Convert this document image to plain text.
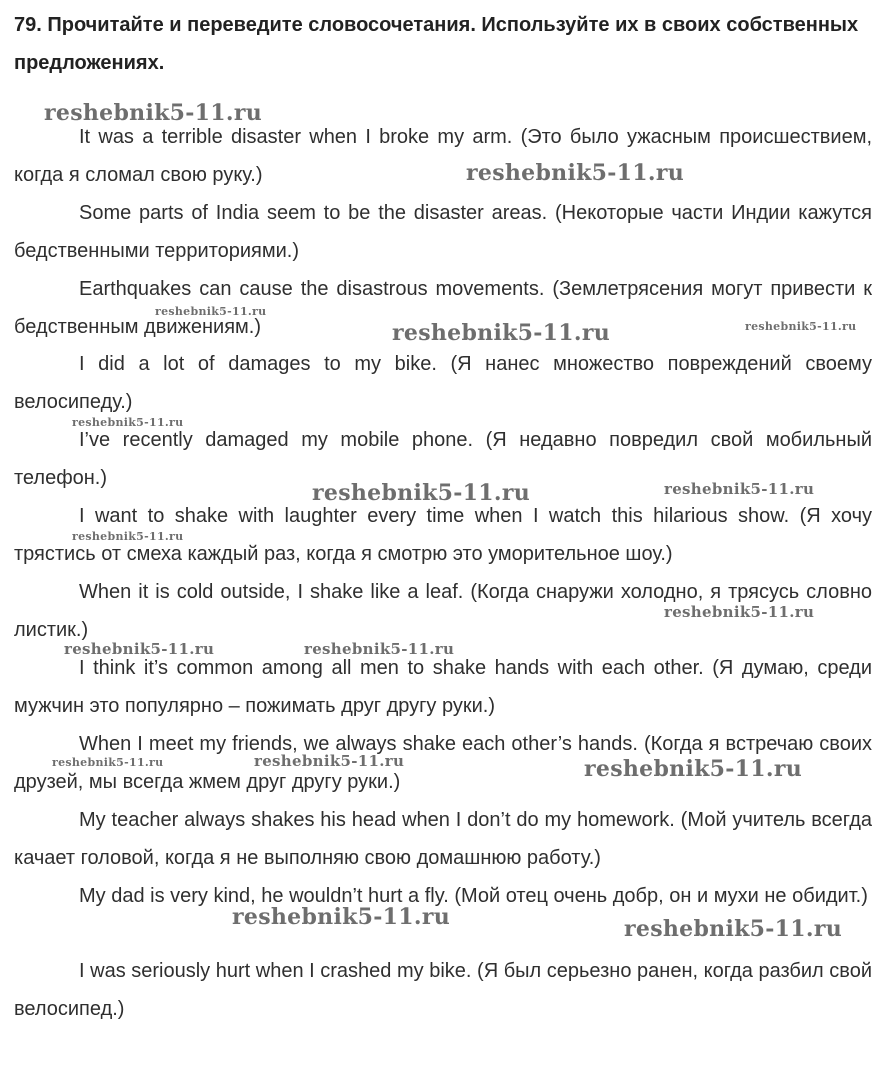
79. Прочитайте и переведите словосочетания. Используйте их в своих собственных предложениях.

It was a terrible disaster when I broke my arm. (Это было ужасным происшествием, когда я сломал свою руку.)

Some parts of India seem to be the disaster areas. (Некоторые части Индии кажутся бедственными территориями.)

Earthquakes can cause the disastrous movements. (Землетрясения могут привести к бедственным движениям.)

I did a lot of damages to my bike. (Я нанес множество повреждений своему велосипеду.)

I’ve recently damaged my mobile phone. (Я недавно повредил свой мобильный телефон.)

I want to shake with laughter every time when I watch this hilarious show. (Я хочу трястись от смеха каждый раз, когда я смотрю это уморительное шоу.)

When it is cold outside, I shake like a leaf. (Когда снаружи холодно, я трясусь словно листик.)

I think it’s common among all men to shake hands with each other. (Я думаю, среди мужчин это популярно – пожимать друг другу руки.)

When I meet my friends, we always shake each other’s hands. (Когда я встречаю своих друзей, мы всегда жмем друг другу руки.)

My teacher always shakes his head when I don’t do my homework. (Мой учитель всегда качает головой, когда я не выполняю свою домашнюю работу.)

My dad is very kind, he wouldn’t hurt a fly. (Мой отец очень добр, он и мухи не обидит.)

I was seriously hurt when I crashed my bike. (Я был серьезно ранен, когда разбил свой велосипед.)

reshebnik5-11.ru
reshebnik5-11.ru
reshebnik5-11.ru
reshebnik5-11.ru	reshebnik5-11.ru
reshebnik5-11.ru
reshebnik5-11.ru	reshebnik5-11.ru
reshebnik5-11.ru
reshebnik5-11.ru
reshebnik5-11.ru	reshebnik5-11.ru
reshebnik5-11.ru	reshebnik5-11.ru	reshebnik5-11.ru
reshebnik5-11.ru	reshebnik5-11.ru
